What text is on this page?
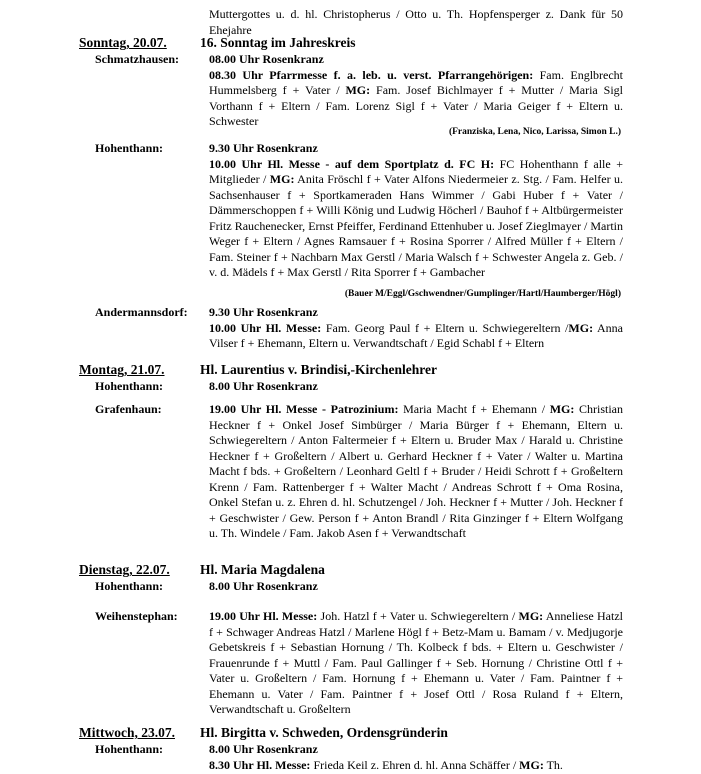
Muttergottes u. d. hl. Christopherus / Otto u. Th. Hopfensperger z. Dank für 50 Ehejahre

Sonntag, 20.07. 16. Sonntag im Jahreskreis
Schmatzhausen: 08.00 Uhr Rosenkranz

08.30 Uhr Pfarrmesse f. a. leb. u. verst. Pfarrangehörigen: Fam. Englbrecht Hummelsberg f + Vater / MG: Fam. Josef Bichlmayer f + Mutter / Maria Sigl Vorthann f + Eltern / Fam. Lorenz Sigl f + Vater / Maria Geiger f + Eltern u. Schwester

(Franziska, Lena, Nico, Larissa, Simon L.)
Hohenthann:	9.30 Uhr Rosenkranz

10.00 Uhr Hl. Messe - auf dem Sportplatz d. FC H: FC Hohenthann f alle + Mitglieder / MG: Anita Fröschl f + Vater Alfons Niedermeier z. Stg. / Fam. Helfer u. Sachsenhauser f + Sportkameraden Hans Wimmer / Gabi Huber f + Vater / Dämmerschoppen f + Willi König und Ludwig Höcherl / Bauhof f + Altbürgermeister Fritz Rauchenecker, Ernst Pfeiffer, Ferdinand Ettenhuber u. Josef Zieglmayer / Martin Weger f + Eltern / Agnes Ramsauer f + Rosina Sporrer / Alfred Müller f + Eltern / Fam. Steiner f + Nachbarn Max Gerstl / Maria Walsch f + Schwester Angela z. Geb. / v. d. Mädels f + Max Gerstl / Rita Sporrer f + Gambacher

(Bauer M/Eggl/Gschwendner/Gumplinger/Hartl/Haumberger/Högl)
Andermannsdorf: 9.30 Uhr Rosenkranz

10.00 Uhr Hl. Messe: Fam. Georg Paul f + Eltern u. Schwiegereltern /MG: Anna Vilser f + Ehemann, Eltern u. Verwandtschaft / Egid Schabl f + Eltern

Montag, 21.07.	Hl. Laurentius v. Brindisi,-Kirchenlehrer
Hohenthann:	8.00 Uhr Rosenkranz

Grafenhaun:	19.00 Uhr Hl. Messe - Patrozinium: Maria Macht f + Ehemann / MG: Christian Heckner f + Onkel Josef Simbürger / Maria Bürger f + Ehemann, Eltern u. Schwiegereltern / Anton Faltermeier f + Eltern u. Bruder Max / Harald u. Christine Heckner f + Großeltern / Albert u. Gerhard Heckner f + Vater / Walter u. Martina Macht f bds. + Großeltern / Leonhard Geltl f + Bruder / Heidi Schrott f + Großeltern Krenn / Fam. Rattenberger f + Walter Macht / Andreas Schrott f + Oma Rosina, Onkel Stefan u. z. Ehren d. hl. Schutzengel / Joh. Heckner f + Mutter / Joh. Heckner f + Geschwister / Gew. Person f + Anton Brandl / Rita Ginzinger f + Eltern Wolfgang u. Th. Windele / Fam. Jakob Asen f + Verwandtschaft

Dienstag, 22.07. Hl. Maria Magdalena
Hohenthann:	8.00 Uhr Rosenkranz

Weihenstephan:	19.00 Uhr Hl. Messe: Joh. Hatzl f + Vater u. Schwiegereltern / MG: Anneliese Hatzl f + Schwager Andreas Hatzl / Marlene Högl f + Betz-Mam u. Bamam / v. Medjugorje Gebetskreis f + Sebastian Hornung / Th. Kolbeck f bds. + Eltern u. Geschwister / Frauenrunde f + Muttl / Fam. Paul Gallinger f + Seb. Hornung / Christine Ottl f + Vater u. Großeltern / Fam. Hornung f + Ehemann u. Vater / Fam. Paintner f + Ehemann u. Vater / Fam. Paintner f + Josef Ottl / Rosa Ruland f + Eltern, Verwandtschaft u. Großeltern

Mittwoch, 23.07. Hl. Birgitta v. Schweden, Ordensgründerin
Hohenthann:	8.00 Uhr Rosenkranz

8.30 Uhr Hl. Messe: Frieda Keil z. Ehren d. hl. Anna Schäffer / MG: Th.
